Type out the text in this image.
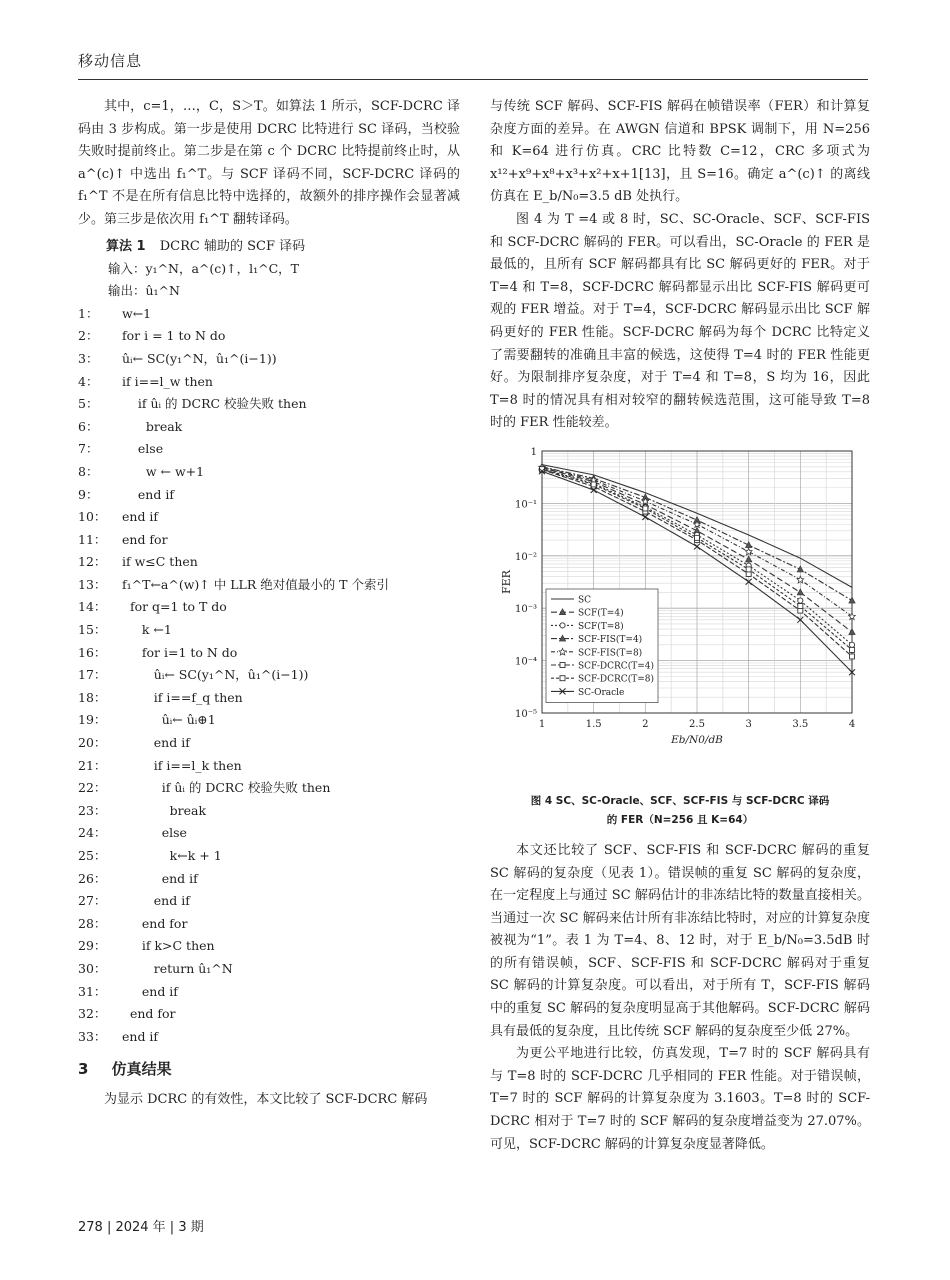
移动信息

其中，c=1，…，C，S＞T。如算法 1 所示，SCF-DCRC 译码由 3 步构成。第一步是使用 DCRC 比特进行 SC 译码，当校验失败时提前终止。第二步是在第 c 个 DCRC 比特提前终止时，从 a^(c)↑ 中选出 f₁^T。与 SCF 译码不同，SCF-DCRC 译码的 f₁^T 不是在所有信息比特中选择的，故额外的排序操作会显著减少。第三步是依次用 f₁^T 翻转译码。

算法 1 DCRC 辅助的 SCF 译码
输入：y₁^N，a^(c)↑，l₁^C，T
输出：û₁^N
1： w←1
2： for i = 1 to N do
3： ûᵢ← SC(y₁^N，û₁^(i−1))
4： if i==l_w then
5：    if ûᵢ 的 DCRC 校验失败 then
6：      break
7：    else
8：      w ← w+1
9：    end if
10： end if
11： end for
12： if w≤C then
13： f₁^T←a^(w)↑ 中 LLR 绝对值最小的 T 个索引
14：  for q=1 to T do
15：     k ←1
16：     for i=1 to N do
17：        ûᵢ← SC(y₁^N，û₁^(i−1))
18：        if i==f_q then
19：          ûᵢ← ûᵢ⊕1
20：        end if
21：        if i==l_k then
22：          if ûᵢ 的 DCRC 校验失败 then
23：            break
24：          else
25：            k←k + 1
26：          end if
27：        end if
28：     end for
29：     if k>C then
30：        return û₁^N
31：     end if
32：  end for
33： end if
3 仿真结果

为显示 DCRC 的有效性，本文比较了 SCF-DCRC 解码

与传统 SCF 解码、SCF-FIS 解码在帧错误率（FER）和计算复杂度方面的差异。在 AWGN 信道和 BPSK 调制下，用 N=256 和 K=64 进行仿真。CRC 比特数 C=12，CRC 多项式为 x¹²+x⁹+x⁸+x³+x²+x+1[13]，且 S=16。确定 a^(c)↑ 的离线仿真在 E_b/N₀=3.5 dB 处执行。

图 4 为 T =4 或 8 时，SC、SC-Oracle、SCF、SCF-FIS 和 SCF-DCRC 解码的 FER。可以看出，SC-Oracle 的 FER 是最低的，且所有 SCF 解码都具有比 SC 解码更好的 FER。对于 T=4 和 T=8，SCF-DCRC 解码都显示出比 SCF-FIS 解码更可观的 FER 增益。对于 T=4，SCF-DCRC 解码显示出比 SCF 解码更好的 FER 性能。SCF-DCRC 解码为每个 DCRC 比特定义了需要翻转的准确且丰富的候选，这使得 T=4 时的 FER 性能更好。为限制排序复杂度，对于 T=4 和 T=8，S 均为 16，因此 T=8 时的情况具有相对较窄的翻转候选范围，这可能导致 T=8 时的 FER 性能较差。

1
10⁻¹
10⁻²
10⁻³
10⁻⁴
10⁻⁵
1	1.5	2	2.5	3	3.5	4
Eb/N0/dB
FER
SC
SCF(T=4)
SCF(T=8)
SCF-FIS(T=4)
SCF-FIS(T=8)
SCF-DCRC(T=4)
SCF-DCRC(T=8)
SC-Oracle
图 4 SC、SC-Oracle、SCF、SCF-FIS 与 SCF-DCRC 译码
的 FER（N=256 且 K=64）

本文还比较了 SCF、SCF-FIS 和 SCF-DCRC 解码的重复 SC 解码的复杂度（见表 1）。错误帧的重复 SC 解码的复杂度，在一定程度上与通过 SC 解码估计的非冻结比特的数量直接相关。当通过一次 SC 解码来估计所有非冻结比特时，对应的计算复杂度被视为“1”。表 1 为 T=4、8、12 时，对于 E_b/N₀=3.5dB 时的所有错误帧，SCF、SCF-FIS 和 SCF-DCRC 解码对于重复 SC 解码的计算复杂度。可以看出，对于所有 T，SCF-FIS 解码中的重复 SC 解码的复杂度明显高于其他解码。SCF-DCRC 解码具有最低的复杂度，且比传统 SCF 解码的复杂度至少低 27%。

为更公平地进行比较，仿真发现，T=7 时的 SCF 解码具有与 T=8 时的 SCF-DCRC 几乎相同的 FER 性能。对于错误帧，T=7 时的 SCF 解码的计算复杂度为 3.1603。T=8 时的 SCF-DCRC 相对于 T=7 时的 SCF 解码的复杂度增益变为 27.07%。可见，SCF-DCRC 解码的计算复杂度显著降低。

278 | 2024 年 | 3 期
